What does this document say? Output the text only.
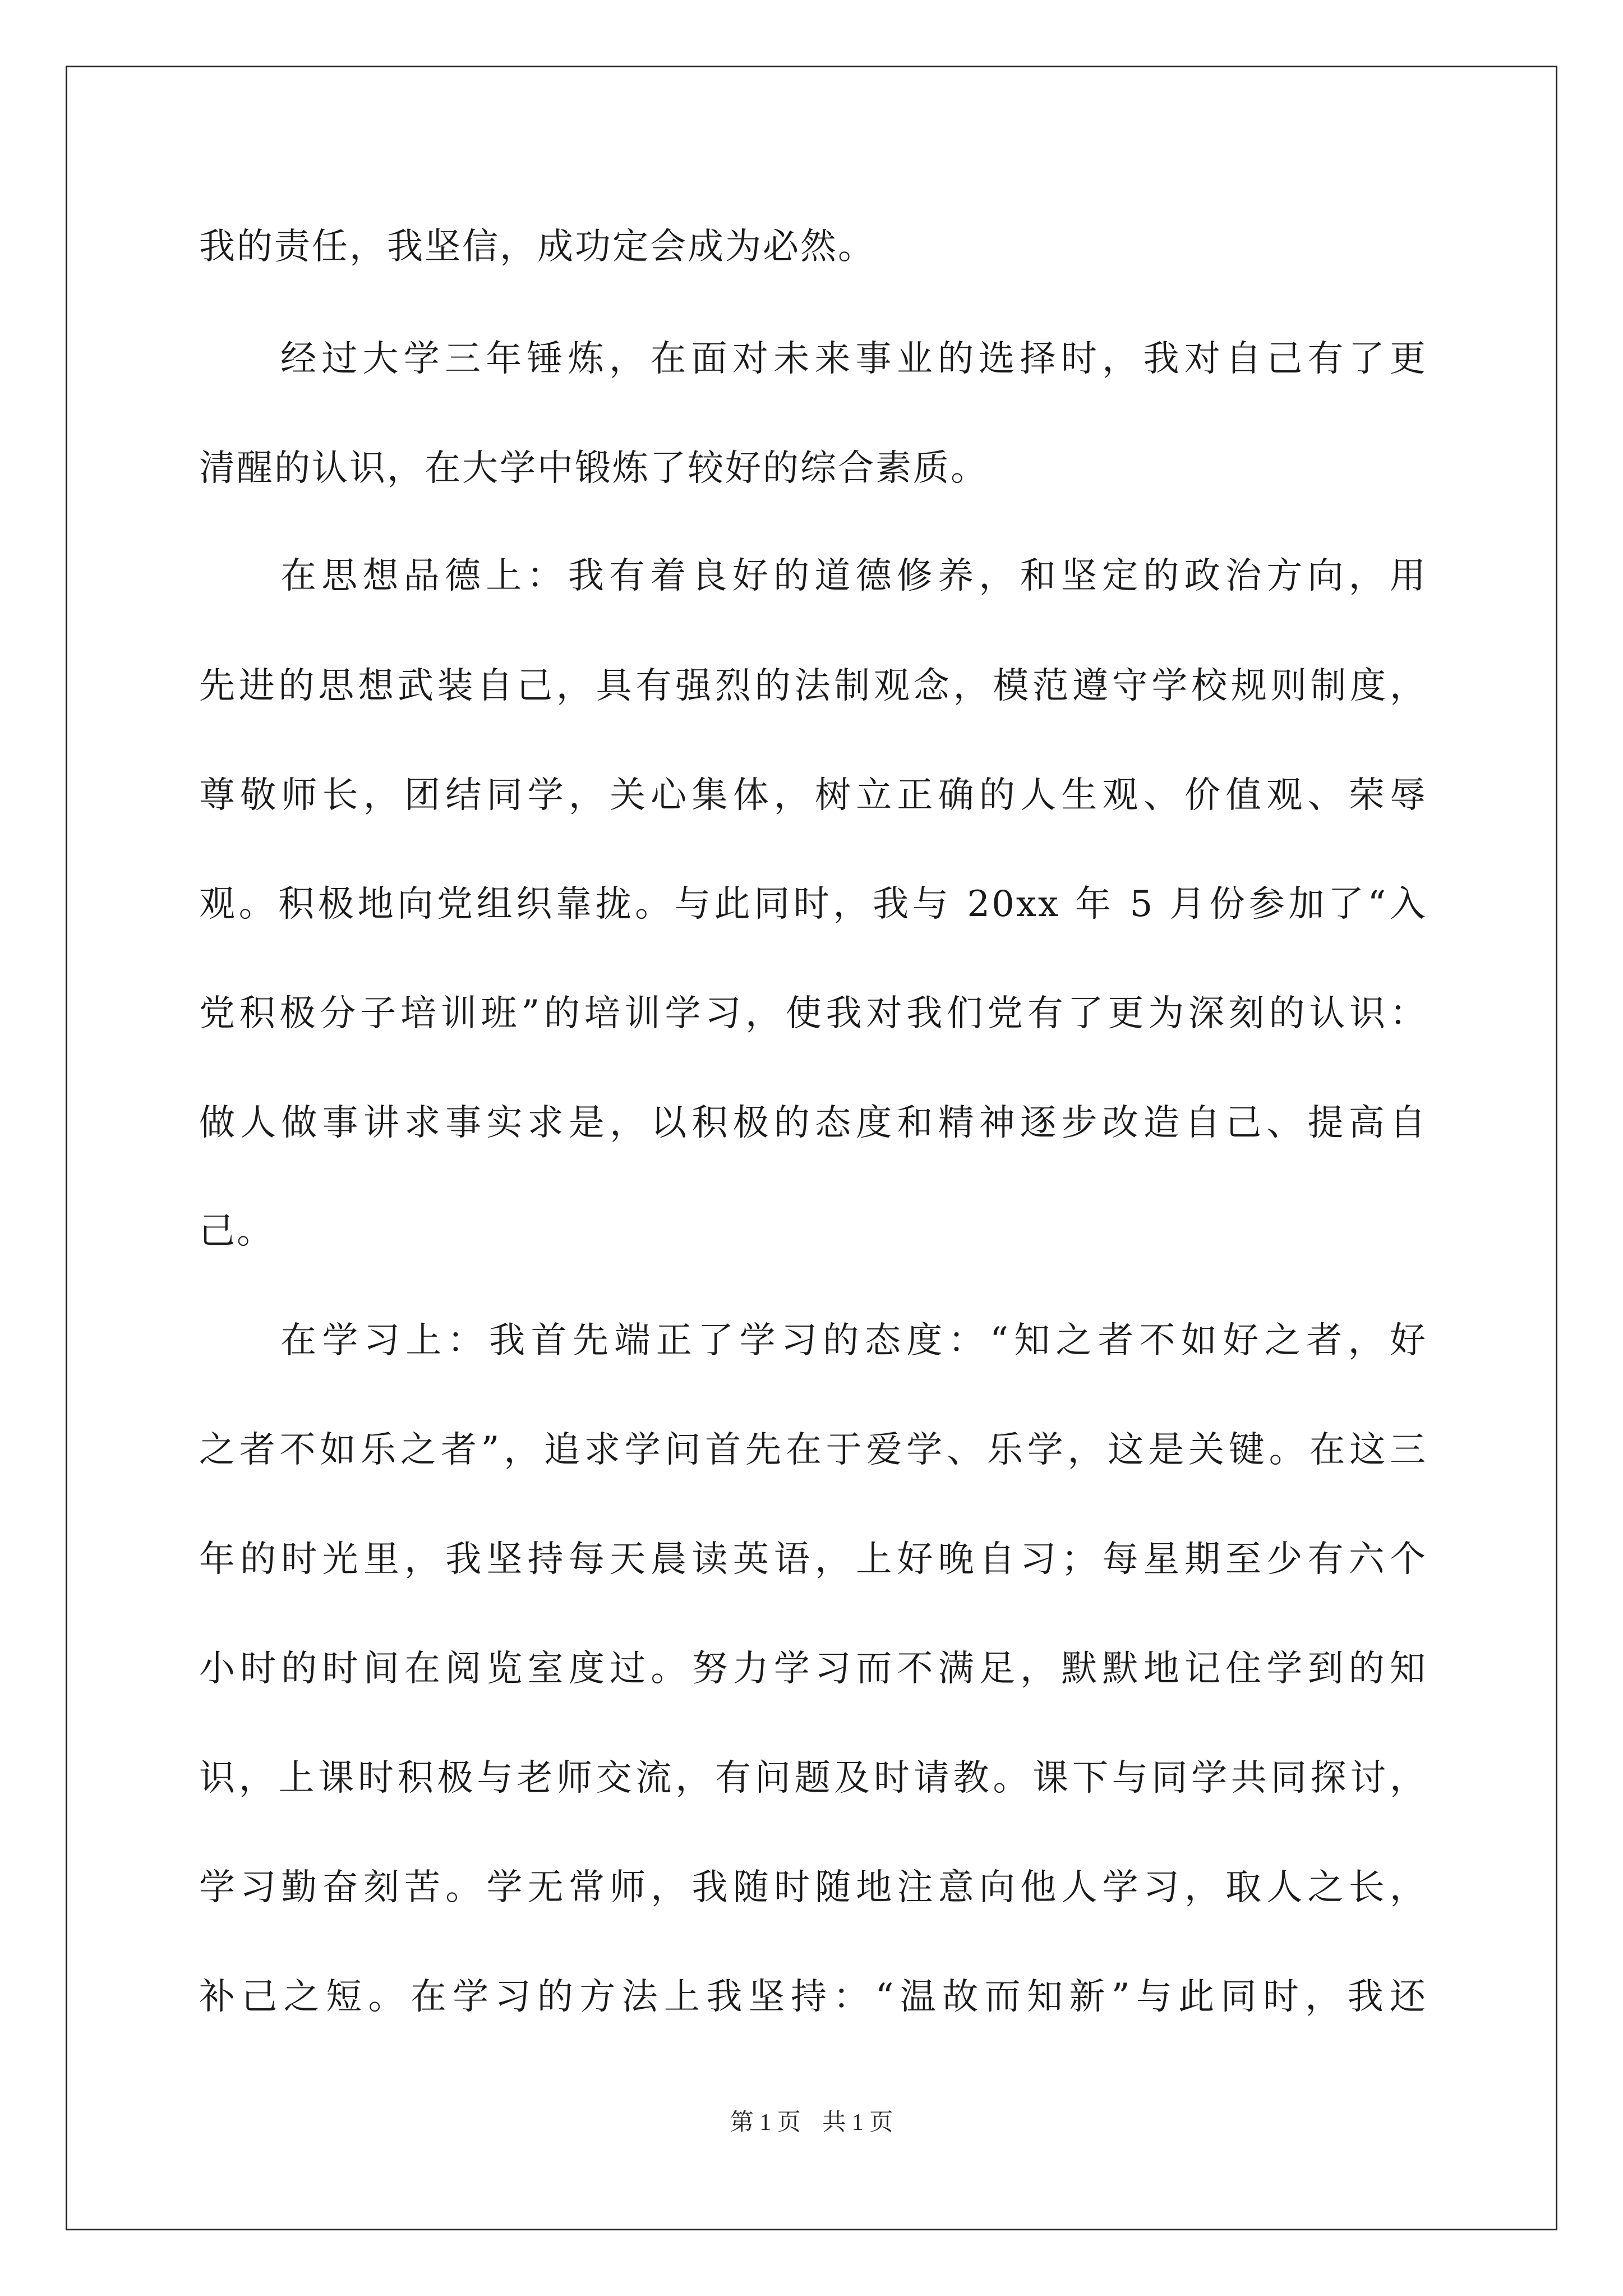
我的责任，我坚信，成功定会成为必然。

经过大学三年锤炼，在面对未来事业的选择时，我对自己有了更

清醒的认识，在大学中锻炼了较好的综合素质。

在思想品德上：我有着良好的道德修养，和坚定的政治方向，用

先进的思想武装自己，具有强烈的法制观念，模范遵守学校规则制度，

尊敬师长，团结同学，关心集体，树立正确的人生观、价值观、荣辱

观。积极地向党组织靠拢。与此同时，我与 20xx 年 5 月份参加了“入

党积极分子培训班”的培训学习，使我对我们党有了更为深刻的认识：

做人做事讲求事实求是，以积极的态度和精神逐步改造自己、提高自

己。

在学习上：我首先端正了学习的态度：“知之者不如好之者，好

之者不如乐之者”，追求学问首先在于爱学、乐学，这是关键。在这三

年的时光里，我坚持每天晨读英语，上好晚自习；每星期至少有六个

小时的时间在阅览室度过。努力学习而不满足，默默地记住学到的知

识，上课时积极与老师交流，有问题及时请教。课下与同学共同探讨，

学习勤奋刻苦。学无常师，我随时随地注意向他人学习，取人之长，

补己之短。在学习的方法上我坚持：“温故而知新”与此同时，我还

第 1 页 共 1 页
